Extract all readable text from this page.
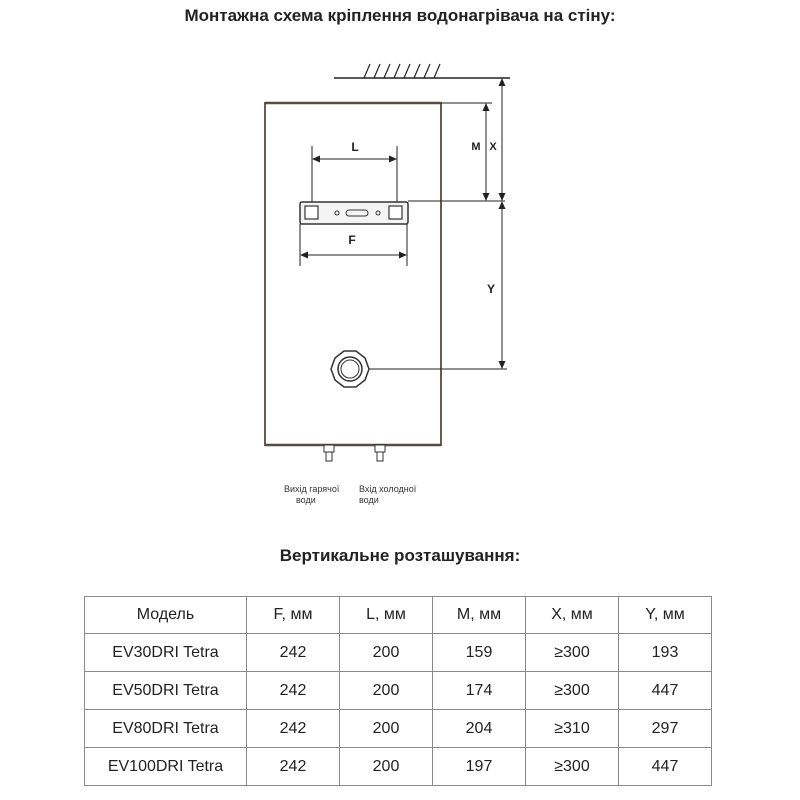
Монтажна схема кріплення водонагрівача на стіну:
L
F
M X
Y
Вихід гарячої
води
Вхід холодної
води
Вертикальне розташування:
Модель	F, мм	L, мм	M, мм	X, мм	Y, мм
EV30DRI Tetra	242	200	159	≥300	193
EV50DRI Tetra	242	200	174	≥300	447
EV80DRI Tetra	242	200	204	≥310	297
EV100DRI Tetra	242	200	197	≥300	447
